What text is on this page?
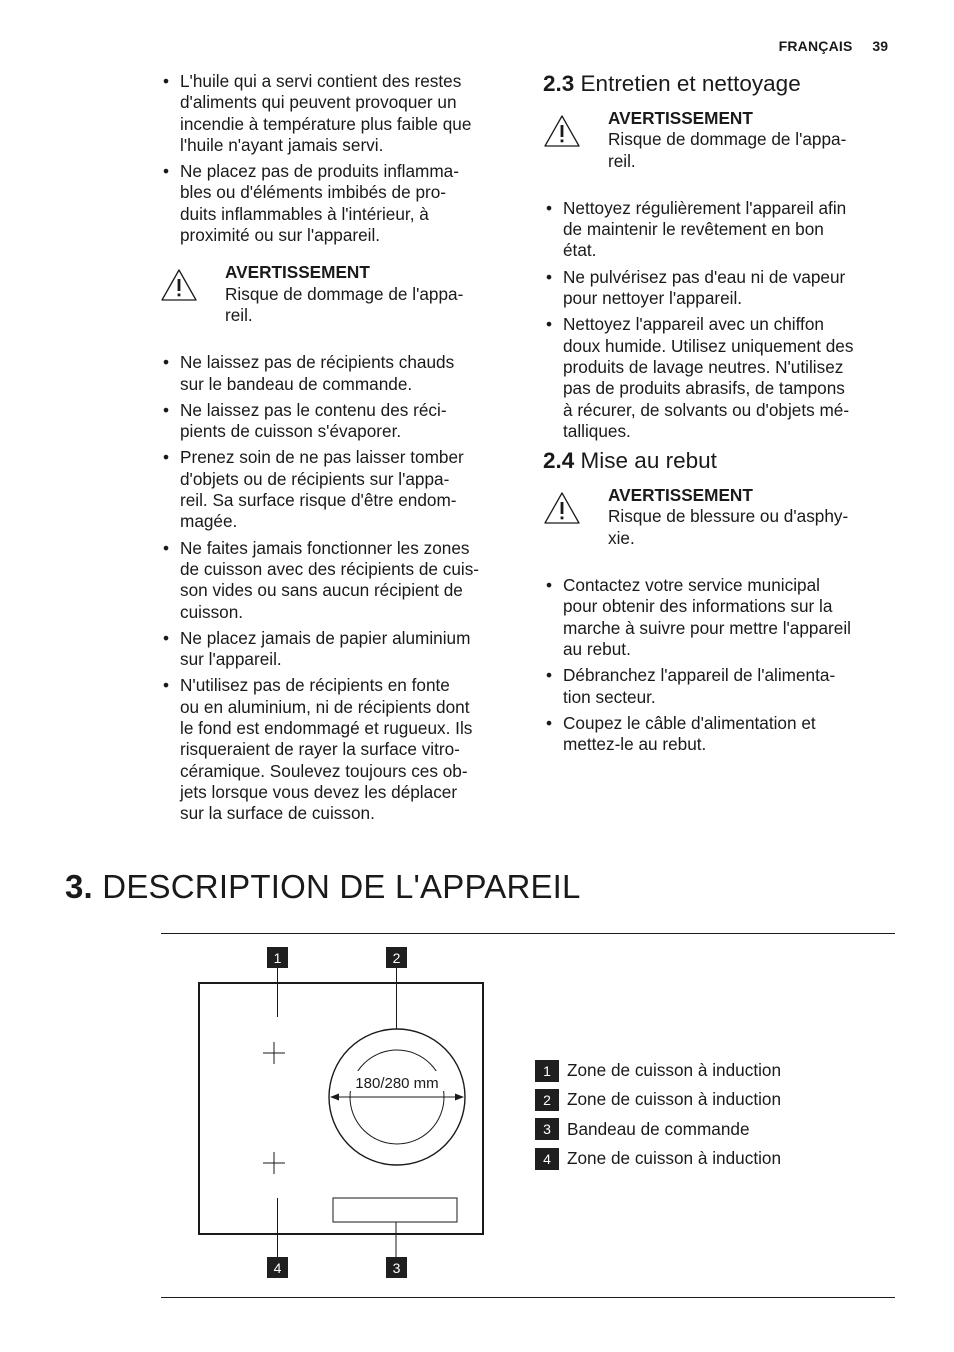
FRANÇAIS 39
• L'huile qui a servi contient des restes
d'aliments qui peuvent provoquer un
incendie à température plus faible que
l'huile n'ayant jamais servi.
• Ne placez pas de produits inflamma-
bles ou d'éléments imbibés de pro-
duits inflammables à l'intérieur, à
proximité ou sur l'appareil.
AVERTISSEMENT
Risque de dommage de l'appa-
reil.
• Ne laissez pas de récipients chauds
sur le bandeau de commande.
• Ne laissez pas le contenu des réci-
pients de cuisson s'évaporer.
• Prenez soin de ne pas laisser tomber
d'objets ou de récipients sur l'appa-
reil. Sa surface risque d'être endom-
magée.
• Ne faites jamais fonctionner les zones
de cuisson avec des récipients de cuis-
son vides ou sans aucun récipient de
cuisson.
• Ne placez jamais de papier aluminium
sur l'appareil.
• N'utilisez pas de récipients en fonte
ou en aluminium, ni de récipients dont
le fond est endommagé et rugueux. Ils
risqueraient de rayer la surface vitro-
céramique. Soulevez toujours ces ob-
jets lorsque vous devez les déplacer
sur la surface de cuisson.
2.3 Entretien et nettoyage
AVERTISSEMENT
Risque de dommage de l'appa-
reil.
• Nettoyez régulièrement l'appareil afin
de maintenir le revêtement en bon
état.
• Ne pulvérisez pas d'eau ni de vapeur
pour nettoyer l'appareil.
• Nettoyez l'appareil avec un chiffon
doux humide. Utilisez uniquement des
produits de lavage neutres. N'utilisez
pas de produits abrasifs, de tampons
à récurer, de solvants ou d'objets mé-
talliques.
2.4 Mise au rebut
AVERTISSEMENT
Risque de blessure ou d'asphy-
xie.
• Contactez votre service municipal
pour obtenir des informations sur la
marche à suivre pour mettre l'appareil
au rebut.
• Débranchez l'appareil de l'alimenta-
tion secteur.
• Coupez le câble d'alimentation et
mettez-le au rebut.
3. DESCRIPTION DE L'APPAREIL
1	2
180/280 mm
4	3
1 Zone de cuisson à induction
2 Zone de cuisson à induction
3 Bandeau de commande
4 Zone de cuisson à induction
